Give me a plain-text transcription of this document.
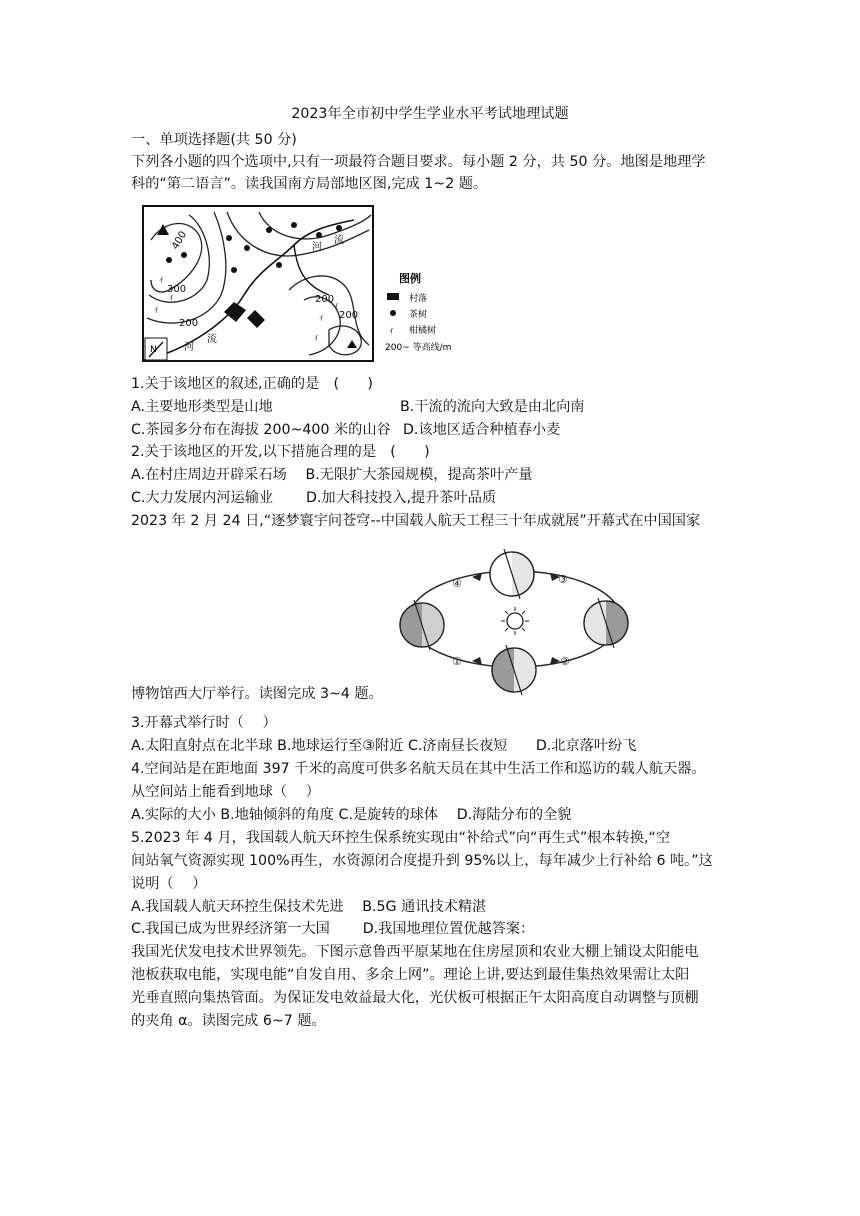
2023年全市初中学生学业水平考试地理试题
一、单项选择题(共 50 分)
下列各小题的四个选项中,只有一项最符合题目要求。每小题 2 分，共 50 分。地图是地理学
科的“第二语言”。读我国南方局部地区图,完成 1~2 题。
ｨ
ｨ
ｨ
ｨ
ｨ
ｨ
400
300
200
200
200
河
流
河
流
N
图例
村落
茶树
ｨ 柑橘树
200~ 等高线/m
1.关于该地区的叙述,正确的是　(　　)
A.主要地形类型是山地	B.干流的流向大致是由北向南
C.茶园多分布在海拔 200~400 米的山谷 D.该地区适合种植春小麦
2.关于该地区的开发,以下措施合理的是　(　　)
A.在村庄周边开辟采石场　 B.无限扩大茶园规模，提高茶叶产量
C.大力发展内河运输业　　 D.加大科技投入,提升茶叶品质
2023 年 2 月 24 日,“逐梦寰宇问苍穹--中国载人航天工程三十年成就展”开幕式在中国国家
④	③
①	②
博物馆西大厅举行。读图完成 3~4 题。
3.开幕式举行时（　 ）
A.太阳直射点在北半球 B.地球运行至③附近 C.济南昼长夜短　　D.北京落叶纷飞
4.空间站是在距地面 397 千米的高度可供多名航天员在其中生活工作和巡访的载人航天器。
从空间站上能看到地球（　 ）
A.实际的大小 B.地轴倾斜的角度 C.是旋转的球体　 D.海陆分布的全貌
5.2023 年 4 月，我国载人航天环控生保系统实现由“补给式”向“再生式”根本转换,“空
间站氧气资源实现 100%再生，水资源闭合度提升到 95%以上，每年减少上行补给 6 吨。”这
说明（　 ）
A.我国载人航天环控生保技术先进　 B.5G 通讯技术精湛
C.我国已成为世界经济第一大国　　 D.我国地理位置优越答案：
我国光伏发电技术世界领先。下图示意鲁西平原某地在住房屋顶和农业大棚上铺设太阳能电
池板获取电能，实现电能“自发自用、多余上网”。理论上讲,要达到最佳集热效果需让太阳
光垂直照向集热管面。为保证发电效益最大化，光伏板可根据正午太阳高度自动调整与顶棚
的夹角 α。读图完成 6~7 题。
